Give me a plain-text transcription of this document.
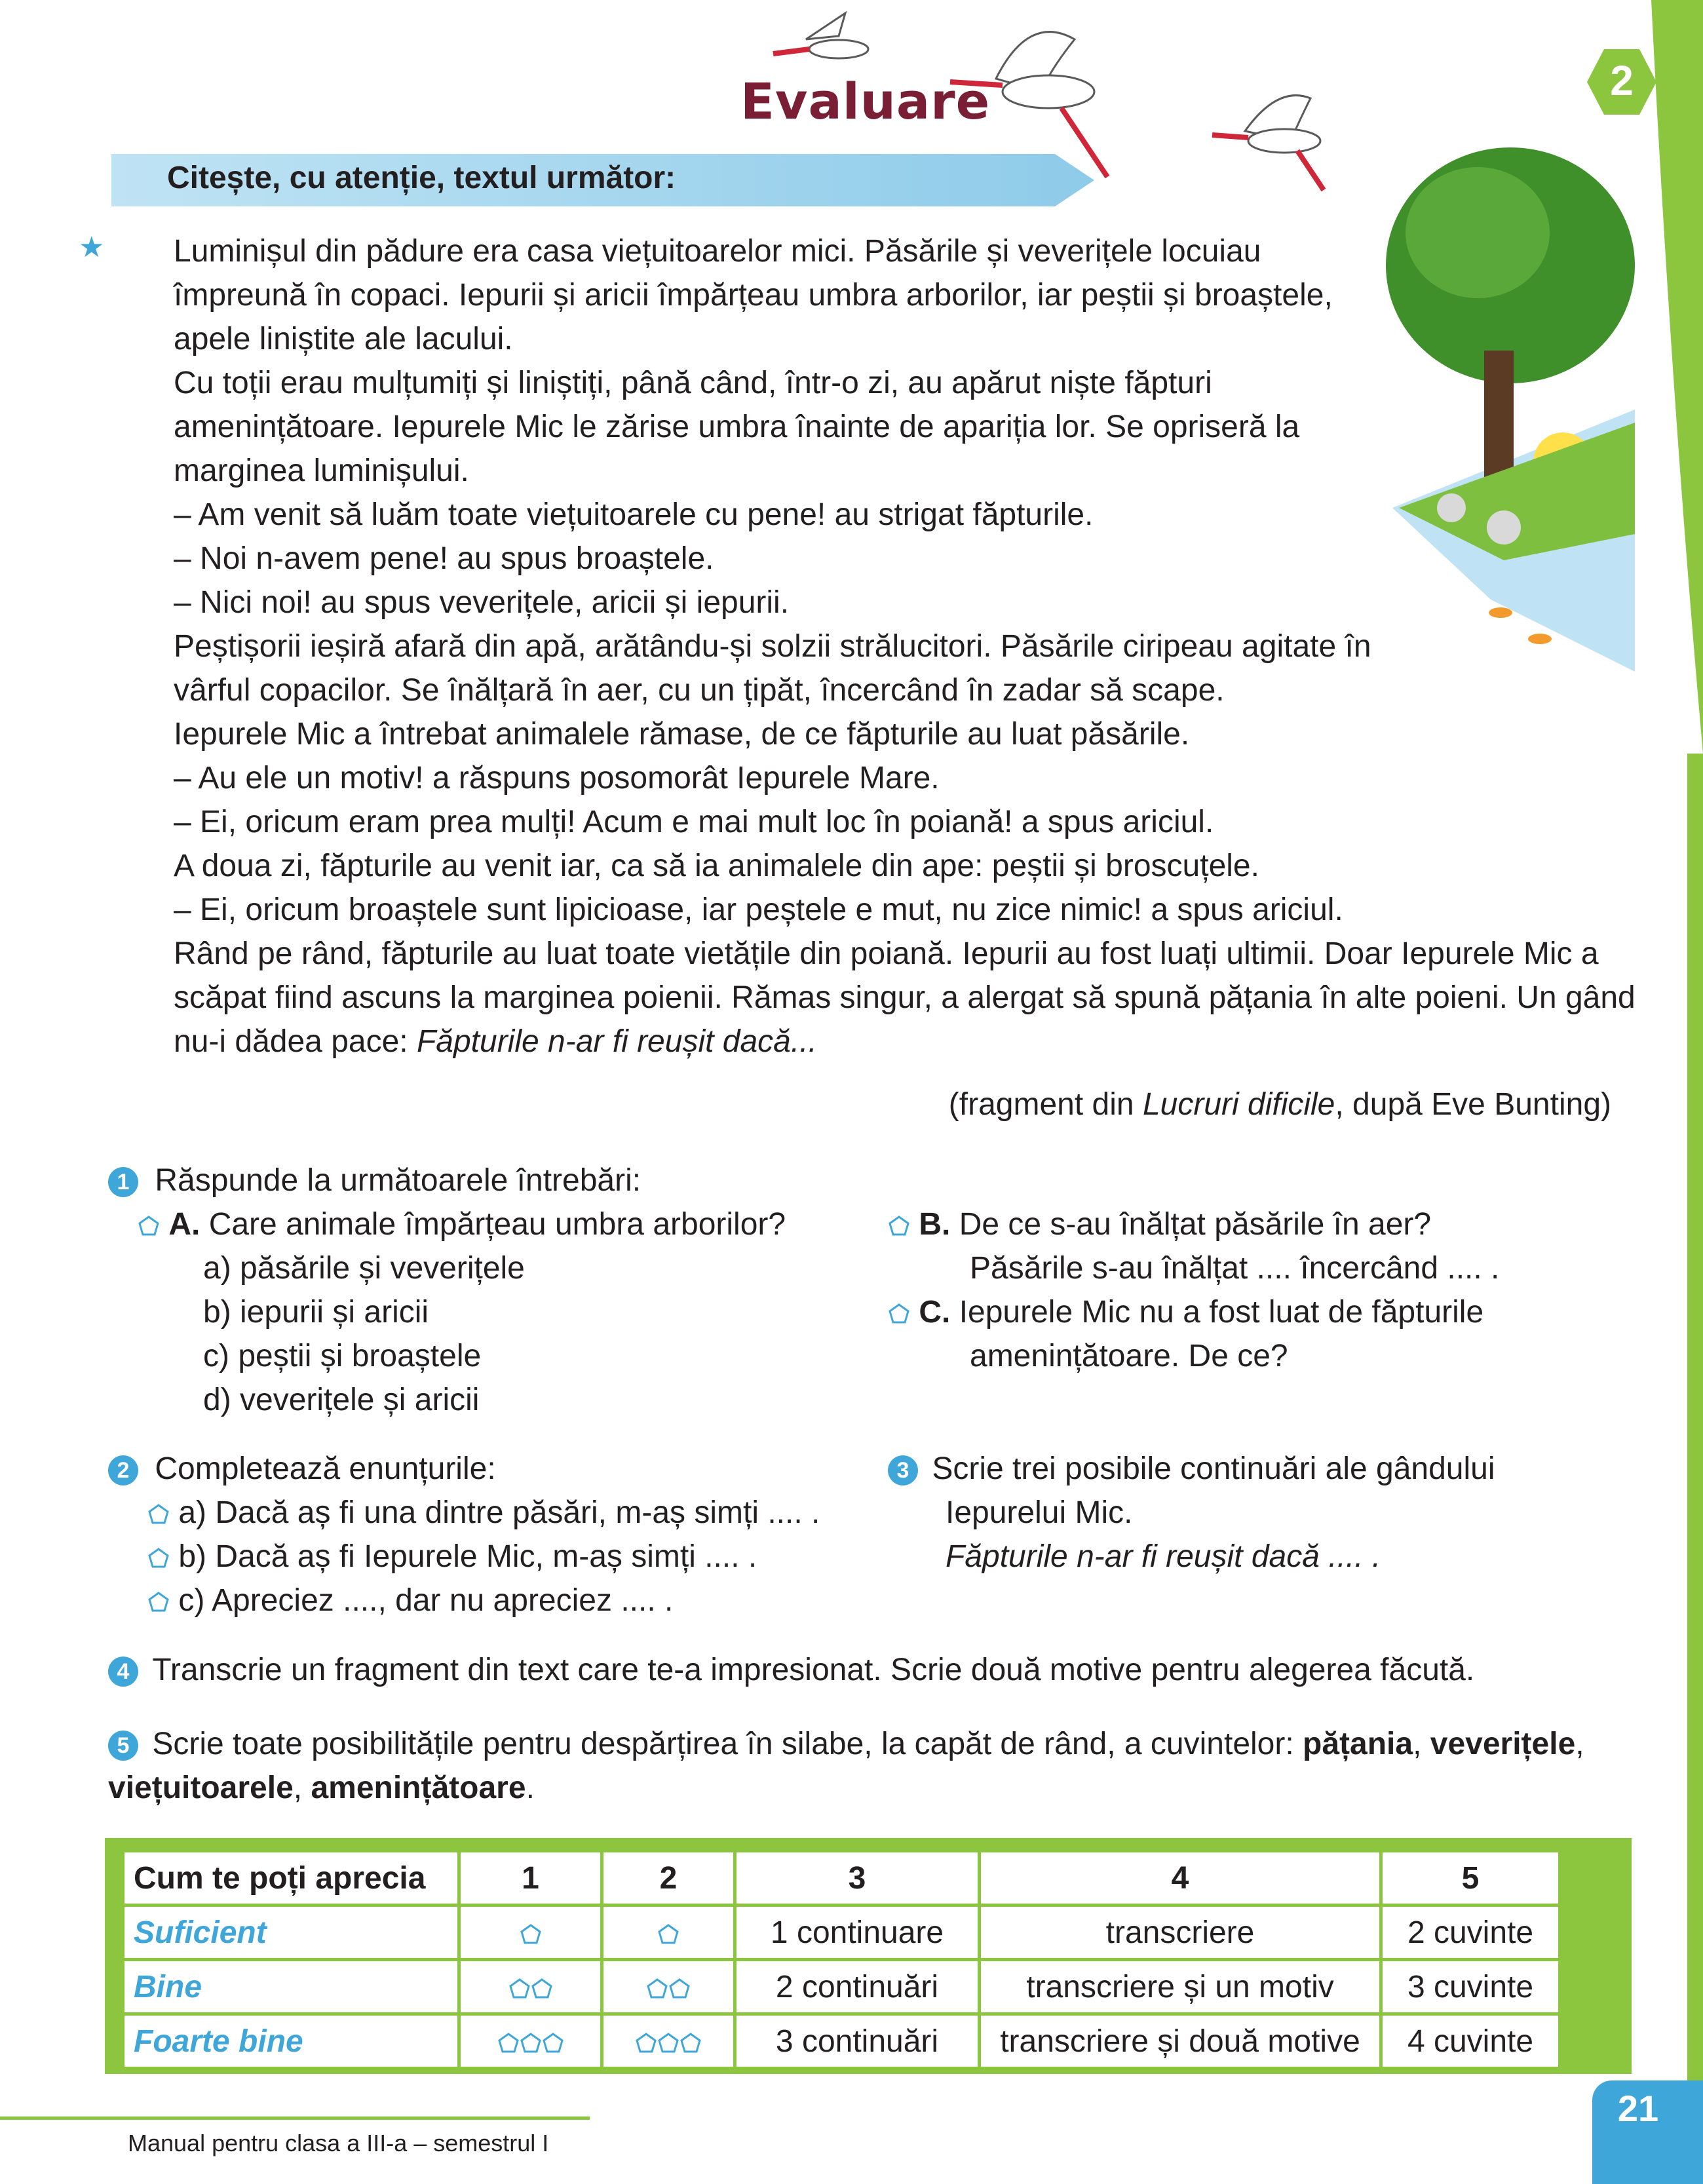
2
Evaluare
Citește, cu atenție, textul următor:
★	Luminișul din pădure era casa viețuitoarelor mici. Păsările și veverițele locuiau împreună în copaci. Iepurii și aricii împărțeau umbra arborilor, iar peștii și broaștele, apele liniștite ale lacului.
Cu toții erau mulțumiți și liniștiți, până când, într-o zi, au apărut niște făpturi amenințătoare. Iepurele Mic le zărise umbra înainte de apariția lor. Se opriseră la marginea luminișului.
– Am venit să luăm toate viețuitoarele cu pene! au strigat făpturile.
– Noi n-avem pene! au spus broaștele.
– Nici noi! au spus veverițele, aricii și iepurii.
Peștișorii ieșiră afară din apă, arătându-și solzii strălucitori. Păsările ciripeau agitate în vârful copacilor. Se înălțară în aer, cu un țipăt, încercând în zadar să scape.
Iepurele Mic a întrebat animalele rămase, de ce făpturile au luat păsările.
– Au ele un motiv! a răspuns posomorât Iepurele Mare.
– Ei, oricum eram prea mulți! Acum e mai mult loc în poiană! a spus ariciul.
A doua zi, făpturile au venit iar, ca să ia animalele din ape: peștii și broscuțele.
– Ei, oricum broaștele sunt lipicioase, iar peștele e mut, nu zice nimic! a spus ariciul.
Rând pe rând, făpturile au luat toate vietățile din poiană. Iepurii au fost luați ultimii. Doar Iepurele Mic a scăpat fiind ascuns la marginea poienii. Rămas singur, a alergat să spună pățania în alte poieni. Un gând nu-i dădea pace: Făpturile n-ar fi reușit dacă...
(fragment din Lucruri dificile, după Eve Bunting)
1 Răspunde la următoarele întrebări:
A. Care animale împărțeau umbra arborilor?
a) păsările și veverițele
b) iepurii și aricii
c) peștii și broaștele
d) veverițele și aricii
B. De ce s-au înălțat păsările în aer?
Păsările s-au înălțat .... încercând .... .
C. Iepurele Mic nu a fost luat de făpturile
amenințătoare. De ce?
2 Completează enunțurile:
a) Dacă aș fi una dintre păsări, m-aș simți .... .
b) Dacă aș fi Iepurele Mic, m-aș simți .... .
c) Apreciez ...., dar nu apreciez .... .
3 Scrie trei posibile continuări ale gândului
Iepurelui Mic.
Făpturile n-ar fi reușit dacă .... .
4 Transcrie un fragment din text care te-a impresionat. Scrie două motive pentru alegerea făcută.
5 Scrie toate posibilitățile pentru despărțirea în silabe, la capăt de rând, a cuvintelor: pățania, veverițele, viețuitoarele, amenințătoare.
Cum te poți aprecia	1	2	3	4	5
Suficient			1 continuare	transcriere	2 cuvinte
Bine			2 continuări	transcriere și un motiv	3 cuvinte
Foarte bine			3 continuări	transcriere și două motive	4 cuvinte
Manual pentru clasa a III-a – semestrul I
21
